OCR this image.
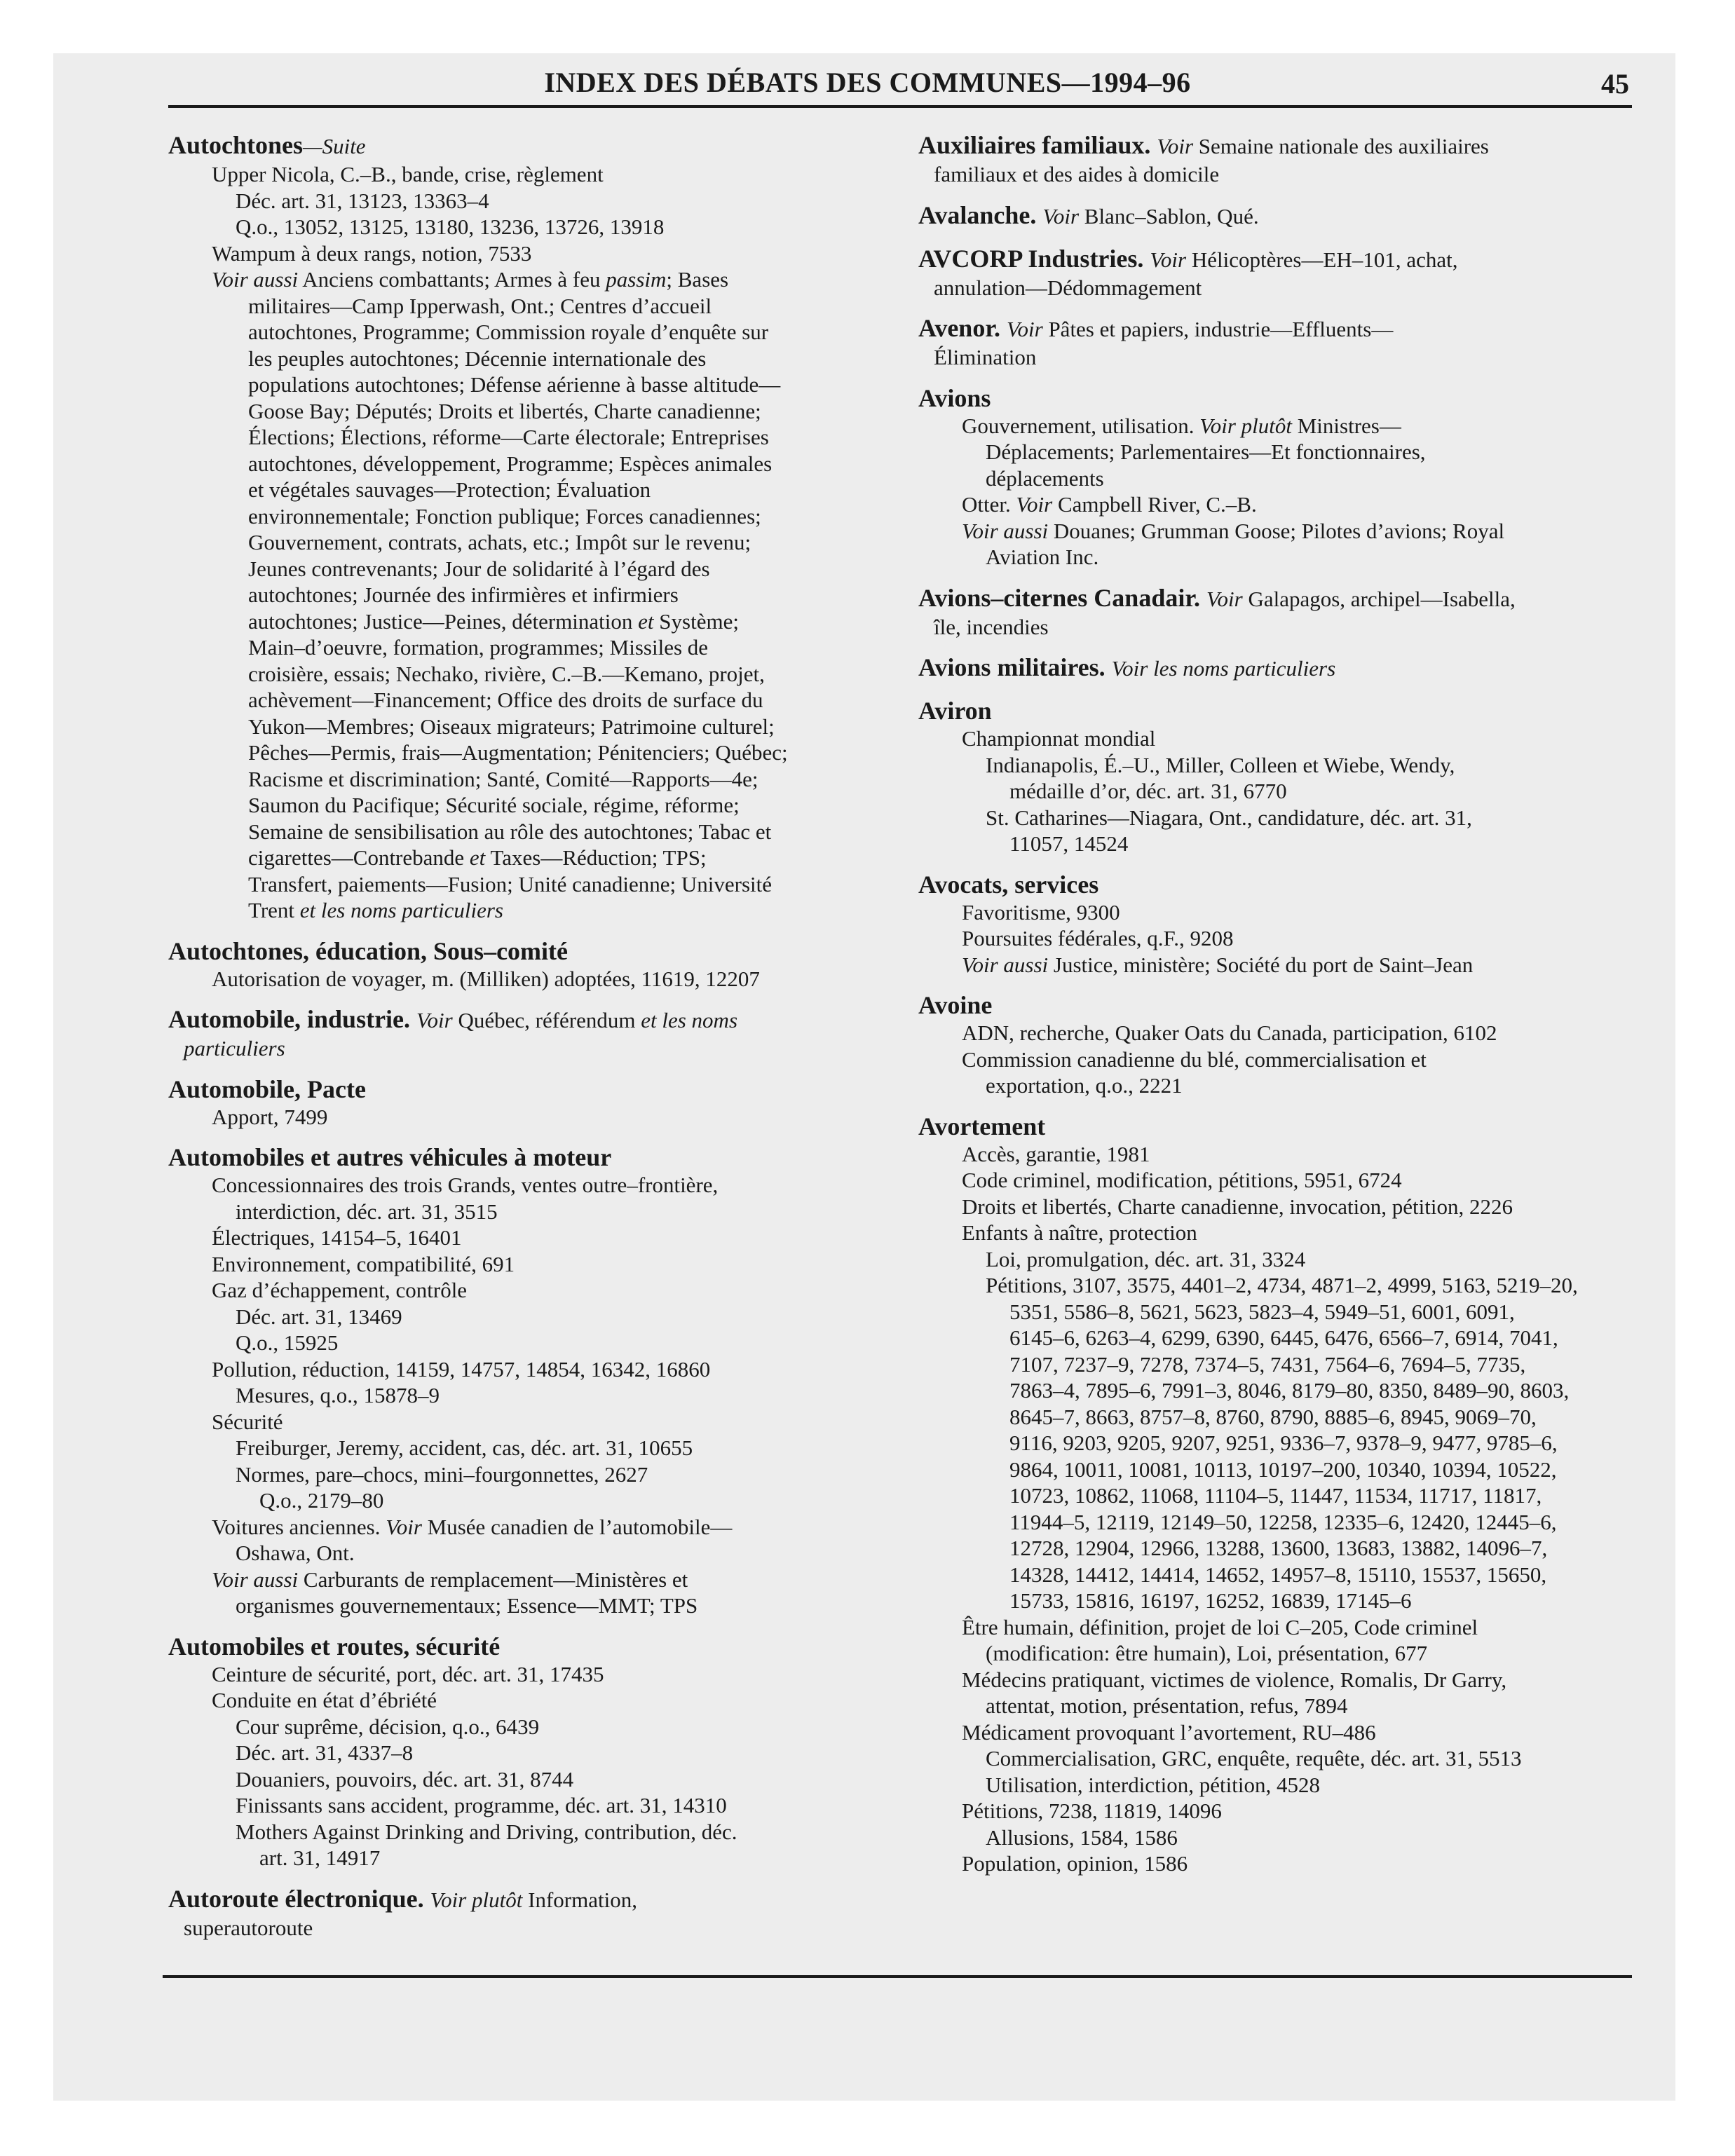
INDEX DES DÉBATS DES COMMUNES—1994–96	45
Autochtones—Suite
Upper Nicola, C.–B., bande, crise, règlement
Déc. art. 31, 13123, 13363–4
Q.o., 13052, 13125, 13180, 13236, 13726, 13918
Wampum à deux rangs, notion, 7533
Voir aussi Anciens combattants; Armes à feu passim; Bases
militaires—Camp Ipperwash, Ont.; Centres d’accueil
autochtones, Programme; Commission royale d’enquête sur
les peuples autochtones; Décennie internationale des
populations autochtones; Défense aérienne à basse altitude—
Goose Bay; Députés; Droits et libertés, Charte canadienne;
Élections; Élections, réforme—Carte électorale; Entreprises
autochtones, développement, Programme; Espèces animales
et végétales sauvages—Protection; Évaluation
environnementale; Fonction publique; Forces canadiennes;
Gouvernement, contrats, achats, etc.; Impôt sur le revenu;
Jeunes contrevenants; Jour de solidarité à l’égard des
autochtones; Journée des infirmières et infirmiers
autochtones; Justice—Peines, détermination et Système;
Main–d’oeuvre, formation, programmes; Missiles de
croisière, essais; Nechako, rivière, C.–B.—Kemano, projet,
achèvement—Financement; Office des droits de surface du
Yukon—Membres; Oiseaux migrateurs; Patrimoine culturel;
Pêches—Permis, frais—Augmentation; Pénitenciers; Québec;
Racisme et discrimination; Santé, Comité—Rapports—4e;
Saumon du Pacifique; Sécurité sociale, régime, réforme;
Semaine de sensibilisation au rôle des autochtones; Tabac et
cigarettes—Contrebande et Taxes—Réduction; TPS;
Transfert, paiements—Fusion; Unité canadienne; Université
Trent et les noms particuliers
Autochtones, éducation, Sous–comité
Autorisation de voyager, m. (Milliken) adoptées, 11619, 12207
Automobile, industrie. Voir Québec, référendum et les noms
particuliers
Automobile, Pacte
Apport, 7499
Automobiles et autres véhicules à moteur
Concessionnaires des trois Grands, ventes outre–frontière,
interdiction, déc. art. 31, 3515
Électriques, 14154–5, 16401
Environnement, compatibilité, 691
Gaz d’échappement, contrôle
Déc. art. 31, 13469
Q.o., 15925
Pollution, réduction, 14159, 14757, 14854, 16342, 16860
Mesures, q.o., 15878–9
Sécurité
Freiburger, Jeremy, accident, cas, déc. art. 31, 10655
Normes, pare–chocs, mini–fourgonnettes, 2627
Q.o., 2179–80
Voitures anciennes. Voir Musée canadien de l’automobile—
Oshawa, Ont.
Voir aussi Carburants de remplacement—Ministères et
organismes gouvernementaux; Essence—MMT; TPS
Automobiles et routes, sécurité
Ceinture de sécurité, port, déc. art. 31, 17435
Conduite en état d’ébriété
Cour suprême, décision, q.o., 6439
Déc. art. 31, 4337–8
Douaniers, pouvoirs, déc. art. 31, 8744
Finissants sans accident, programme, déc. art. 31, 14310
Mothers Against Drinking and Driving, contribution, déc.
art. 31, 14917
Autoroute électronique. Voir plutôt Information,
superautoroute
Auxiliaires familiaux. Voir Semaine nationale des auxiliaires
familiaux et des aides à domicile
Avalanche. Voir Blanc–Sablon, Qué.
AVCORP Industries. Voir Hélicoptères—EH–101, achat,
annulation—Dédommagement
Avenor. Voir Pâtes et papiers, industrie—Effluents—
Élimination
Avions
Gouvernement, utilisation. Voir plutôt Ministres—
Déplacements; Parlementaires—Et fonctionnaires,
déplacements
Otter. Voir Campbell River, C.–B.
Voir aussi Douanes; Grumman Goose; Pilotes d’avions; Royal
Aviation Inc.
Avions–citernes Canadair. Voir Galapagos, archipel—Isabella,
île, incendies
Avions militaires. Voir les noms particuliers
Aviron
Championnat mondial
Indianapolis, É.–U., Miller, Colleen et Wiebe, Wendy,
médaille d’or, déc. art. 31, 6770
St. Catharines—Niagara, Ont., candidature, déc. art. 31,
11057, 14524
Avocats, services
Favoritisme, 9300
Poursuites fédérales, q.F., 9208
Voir aussi Justice, ministère; Société du port de Saint–Jean
Avoine
ADN, recherche, Quaker Oats du Canada, participation, 6102
Commission canadienne du blé, commercialisation et
exportation, q.o., 2221
Avortement
Accès, garantie, 1981
Code criminel, modification, pétitions, 5951, 6724
Droits et libertés, Charte canadienne, invocation, pétition, 2226
Enfants à naître, protection
Loi, promulgation, déc. art. 31, 3324
Pétitions, 3107, 3575, 4401–2, 4734, 4871–2, 4999, 5163, 5219–20,
5351, 5586–8, 5621, 5623, 5823–4, 5949–51, 6001, 6091,
6145–6, 6263–4, 6299, 6390, 6445, 6476, 6566–7, 6914, 7041,
7107, 7237–9, 7278, 7374–5, 7431, 7564–6, 7694–5, 7735,
7863–4, 7895–6, 7991–3, 8046, 8179–80, 8350, 8489–90, 8603,
8645–7, 8663, 8757–8, 8760, 8790, 8885–6, 8945, 9069–70,
9116, 9203, 9205, 9207, 9251, 9336–7, 9378–9, 9477, 9785–6,
9864, 10011, 10081, 10113, 10197–200, 10340, 10394, 10522,
10723, 10862, 11068, 11104–5, 11447, 11534, 11717, 11817,
11944–5, 12119, 12149–50, 12258, 12335–6, 12420, 12445–6,
12728, 12904, 12966, 13288, 13600, 13683, 13882, 14096–7,
14328, 14412, 14414, 14652, 14957–8, 15110, 15537, 15650,
15733, 15816, 16197, 16252, 16839, 17145–6
Être humain, définition, projet de loi C–205, Code criminel
(modification: être humain), Loi, présentation, 677
Médecins pratiquant, victimes de violence, Romalis, Dr Garry,
attentat, motion, présentation, refus, 7894
Médicament provoquant l’avortement, RU–486
Commercialisation, GRC, enquête, requête, déc. art. 31, 5513
Utilisation, interdiction, pétition, 4528
Pétitions, 7238, 11819, 14096
Allusions, 1584, 1586
Population, opinion, 1586
